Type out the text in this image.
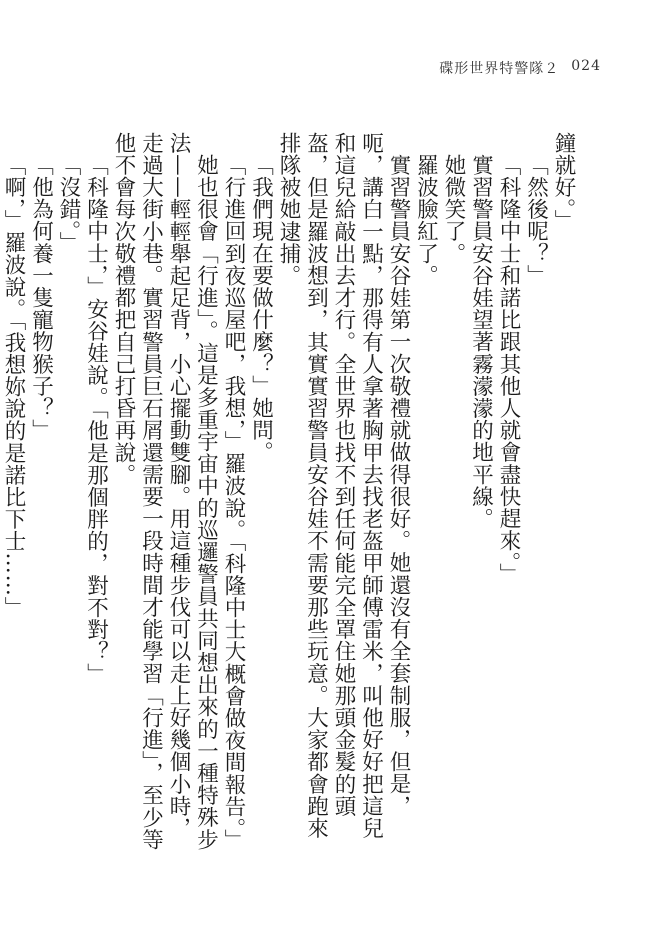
碟形世界特警隊２ 024

鐘就好。」

「然後呢？」

「科隆中士和諾比跟其他人就會盡快趕來。」

實習警員安谷娃望著霧濛濛的地平線。

她微笑了。

羅波臉紅了。

實習警員安谷娃第一次敬禮就做得很好。她還沒有全套制服，但是，呃，講白一點，那得有人拿著胸甲去找老盔甲師傅雷米，叫他好好把這兒和這兒給敲出去才行。全世界也找不到任何能完全罩住她那頭金髮的頭盔，但是羅波想到，其實實習警員安谷娃不需要那些玩意。大家都會跑來排隊被她逮捕。

「我們現在要做什麼？」她問。

「行進回到夜巡屋吧，我想，」羅波說。「科隆中士大概會做夜間報告。」

她也很會「行進」。這是多重宇宙中的巡邏警員共同想出來的一種特殊步法——輕輕舉起足背，小心擺動雙腳。用這種步伐可以走上好幾個小時，走過大街小巷。實習警員巨石屑還需要一段時間才能學習「行進」，至少等他不會每次敬禮都把自己打昏再說。

「科隆中士，」安谷娃說。「他是那個胖的，對不對？」

「沒錯。」

「他為何養一隻寵物猴子？」

「啊，」羅波說。「我想妳說的是諾比下士……」
